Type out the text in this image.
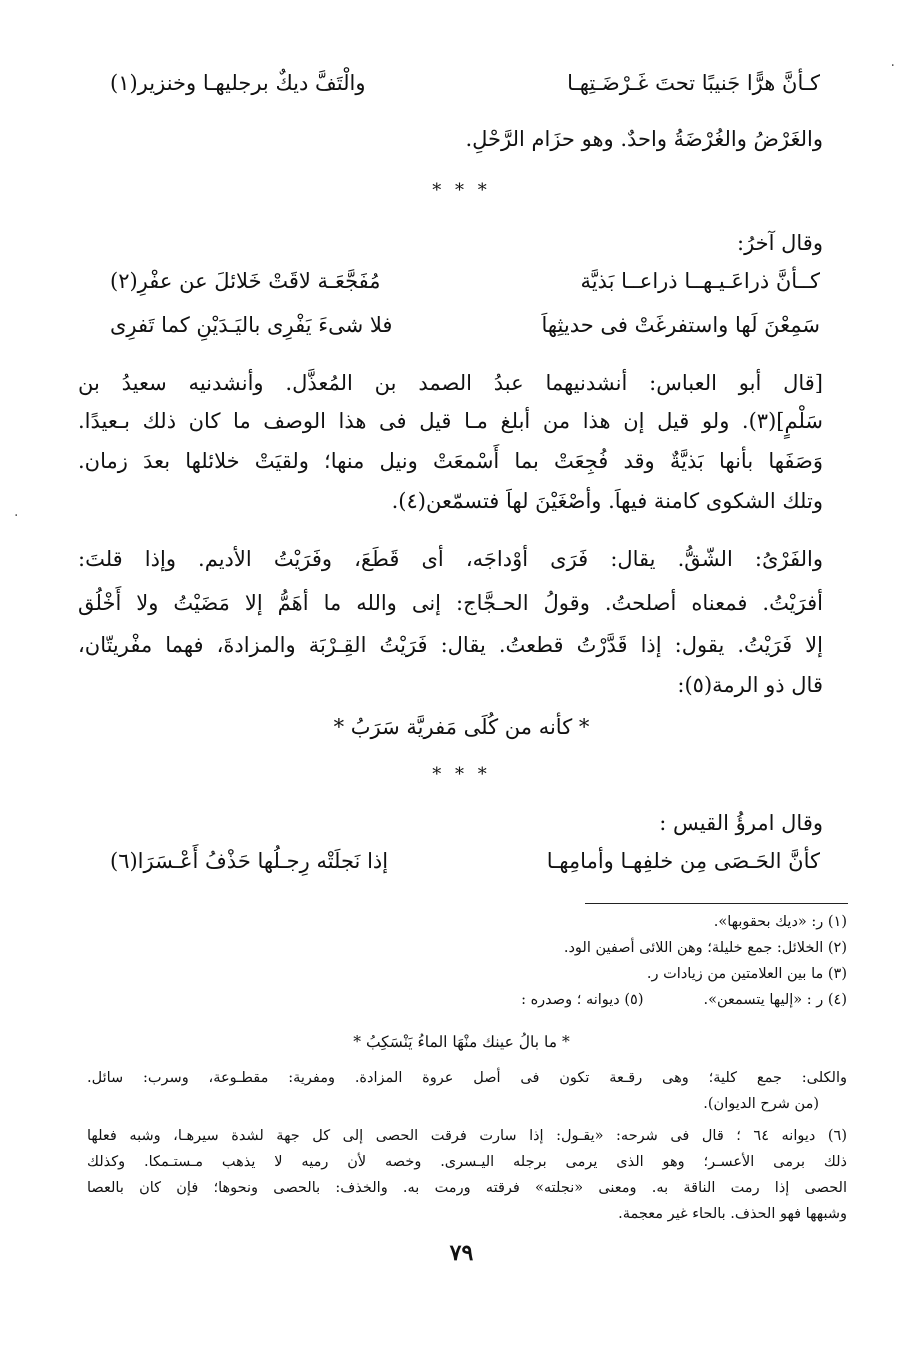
·
·
كـأنَّ هرًّا جَنيبًا تحتَ غَـرْضَـتِهـا
والْتَفَّ ديكٌ برجليهـا وخنزير(١)
والغَرْضُ والغُرْضَةُ واحدٌ. وهو حزَام الرَّحْلِ.
* * *
وقال آخرُ:
كــأنَّ ذراعَـيـهــا ذراعــا بَذيَّة
مُفَجَّعَـة لاقَتْ خَلائلَ عن عفْرِ(٢)
سَمِعْنَ لَها واستفرغَتْ فى حديثِهاَ
فلا شىءَ يَفْرِى باليَـدَيْنِ كما تَفرِى
[قال أبو العباس: أنشدنيهما عبدُ الصمد بن المُعذَّل. وأنشدنيه سعيدُ بن
سَلْمٍ](٣). ولو قيل إن هذا من أبلغ مـا قيل فى هذا الوصف ما كان ذلك بـعيدًا.
وَصَفَها بأنها بَذيَّةٌ وقد فُجِعَتْ بما أَسْمعَتْ ونيل منها؛ ولقيَتْ خلائلها بعدَ زمان.
وتلك الشكوى كامنة فيهاَ. وأصْغَيْنَ لهاَ فتسمّعن(٤).
والفَرْىُ: الشّقُّ. يقال: فَرَى أوْداجَه، أى قَطَعَ، وفَرَيْتُ الأديم. وإذا قلتَ:
أفرَيْتُ. فمعناه أصلحتُ. وقولُ الحـجَّاج: إنى والله ما أهَمُّ إلا مَضَيْتُ ولا أَخْلُق
إلا فَرَيْتُ. يقول: إذا قَدَّرْتُ قطعتُ. يقال: فَرَيْتُ القِـرْبَة والمزادةَ، فهما مفْريتّان،
قال ذو الرمة(٥):
* كأنه من كُلَى مَفريَّة سَرَبُ *
* * *
وقال امرؤُ القيس :
كأنَّ الحَـصَى مِن خلفِهـا وأمامِهـا
إذا نَجلَتْه رِجـلُها حَذْفُ أَعْـسَرَا(٦)
(١) ر: «ديك بحقوبها».
(٢) الخلائل: جمع خليلة؛ وهن اللائى أصفين الود.
(٣) ما بين العلامتين من زيادات ر.
(٤) ر : «إليها يتسمعن».
(٥) ديوانه ؛ وصدره :
* ما بالُ عينك منْهَا الماءُ يَنْسَكِبُ *
والكلى: جمع كلية؛ وهى رقـعة تكون فى أصل عروة المزادة. ومفرية: مقطـوعة، وسرب: سائل.
(من شرح الديوان).
(٦) ديوانه ٦٤ ؛ قال فى شرحه: «يقـول: إذا سارت فرقت الحصى إلى كل جهة لشدة سيرهـا، وشبه فعلها
ذلك برمى الأعسـر؛ وهو الذى يرمى برجله اليـسرى. وخصه لأن رميه لا يذهب مـستـمكا. وكذلك
الحصى إذا رمت الناقة به. ومعنى «نجلته» فرقته ورمت به. والخذف: بالحصى ونحوها؛ فإن كان بالعصا
وشبهها فهو الحذف. بالحاء غير معجمة.
٧٩
